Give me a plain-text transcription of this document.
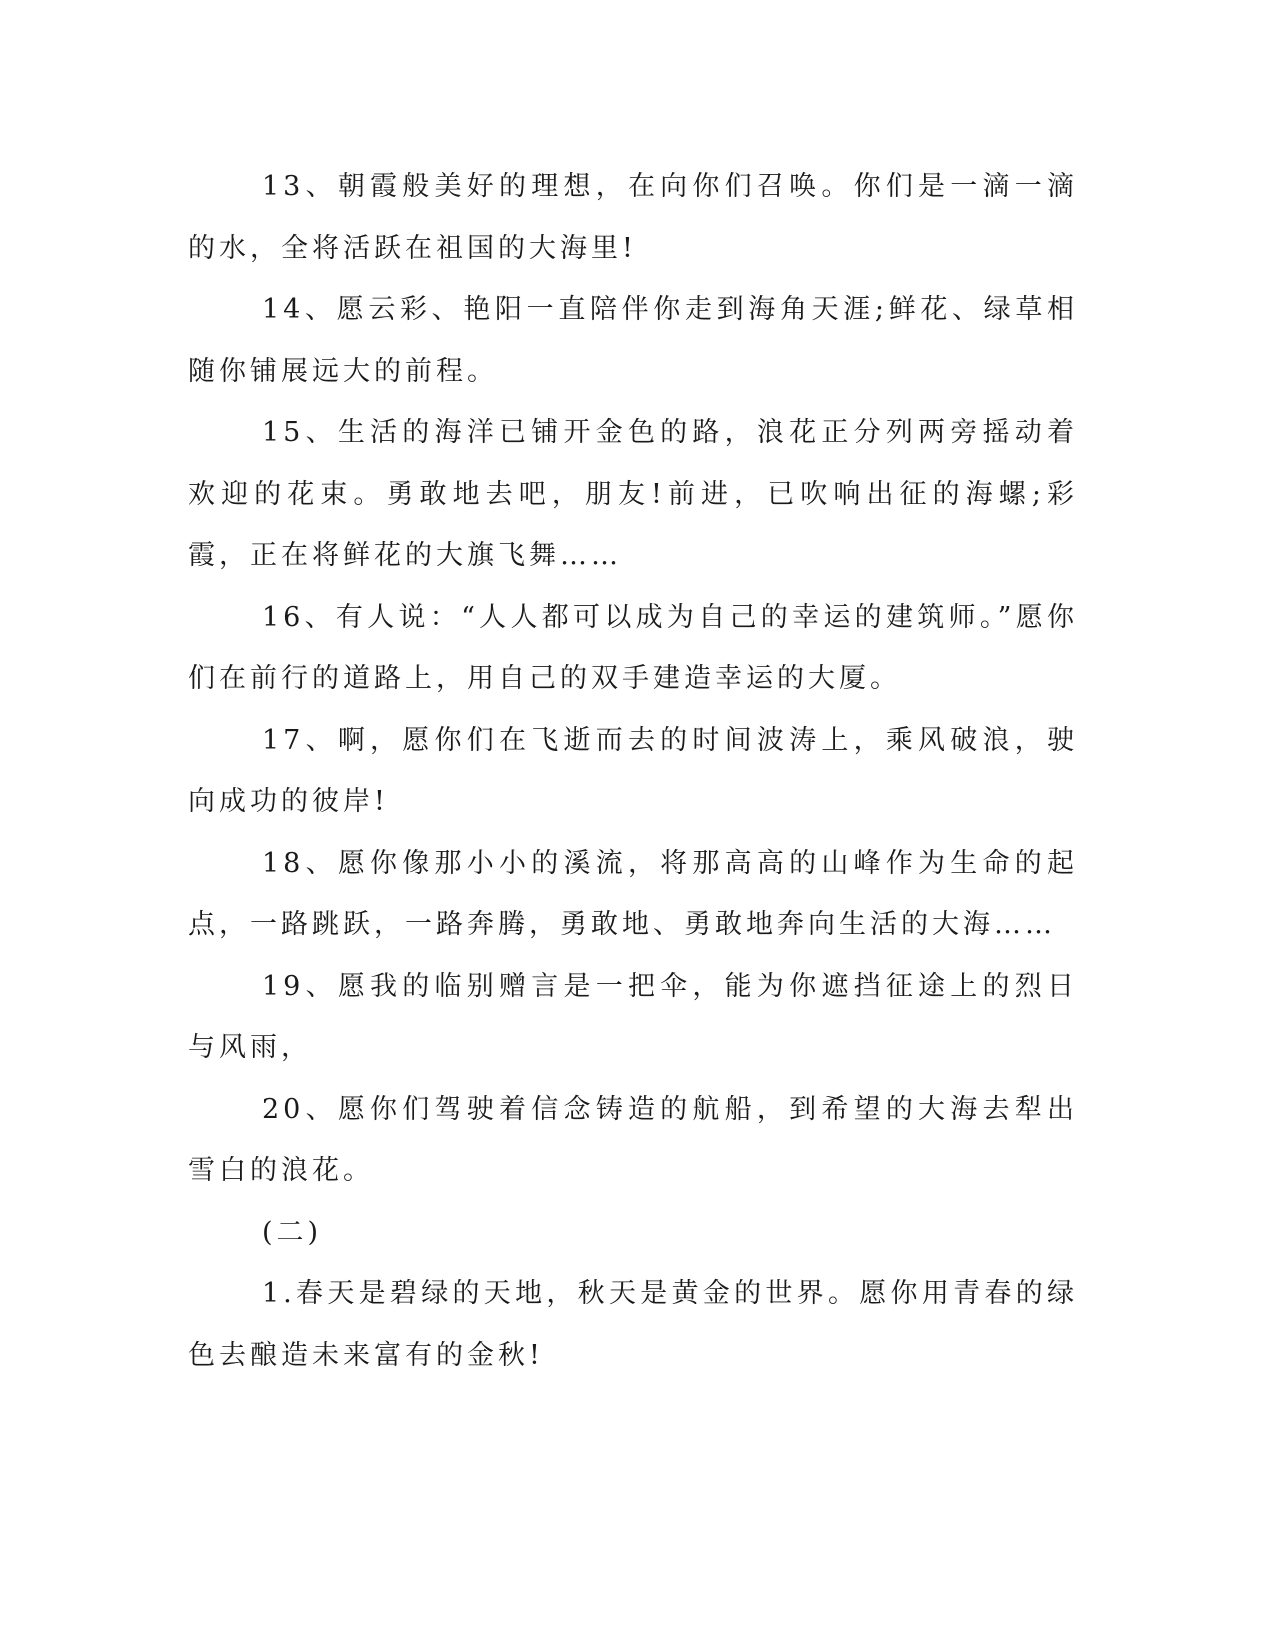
13、朝霞般美好的理想，在向你们召唤。你们是一滴一滴的水，全将活跃在祖国的大海里!

14、愿云彩、艳阳一直陪伴你走到海角天涯;鲜花、绿草相随你铺展远大的前程。

15、生活的海洋已铺开金色的路，浪花正分列两旁摇动着欢迎的花束。勇敢地去吧，朋友!前进，已吹响出征的海螺;彩霞，正在将鲜花的大旗飞舞……

16、有人说：“人人都可以成为自己的幸运的建筑师。”愿你们在前行的道路上，用自己的双手建造幸运的大厦。

17、啊，愿你们在飞逝而去的时间波涛上，乘风破浪，驶向成功的彼岸!

18、愿你像那小小的溪流，将那高高的山峰作为生命的起点，一路跳跃，一路奔腾，勇敢地、勇敢地奔向生活的大海……

19、愿我的临别赠言是一把伞，能为你遮挡征途上的烈日与风雨，

20、愿你们驾驶着信念铸造的航船，到希望的大海去犁出雪白的浪花。

(二)

1.春天是碧绿的天地，秋天是黄金的世界。愿你用青春的绿色去酿造未来富有的金秋!
